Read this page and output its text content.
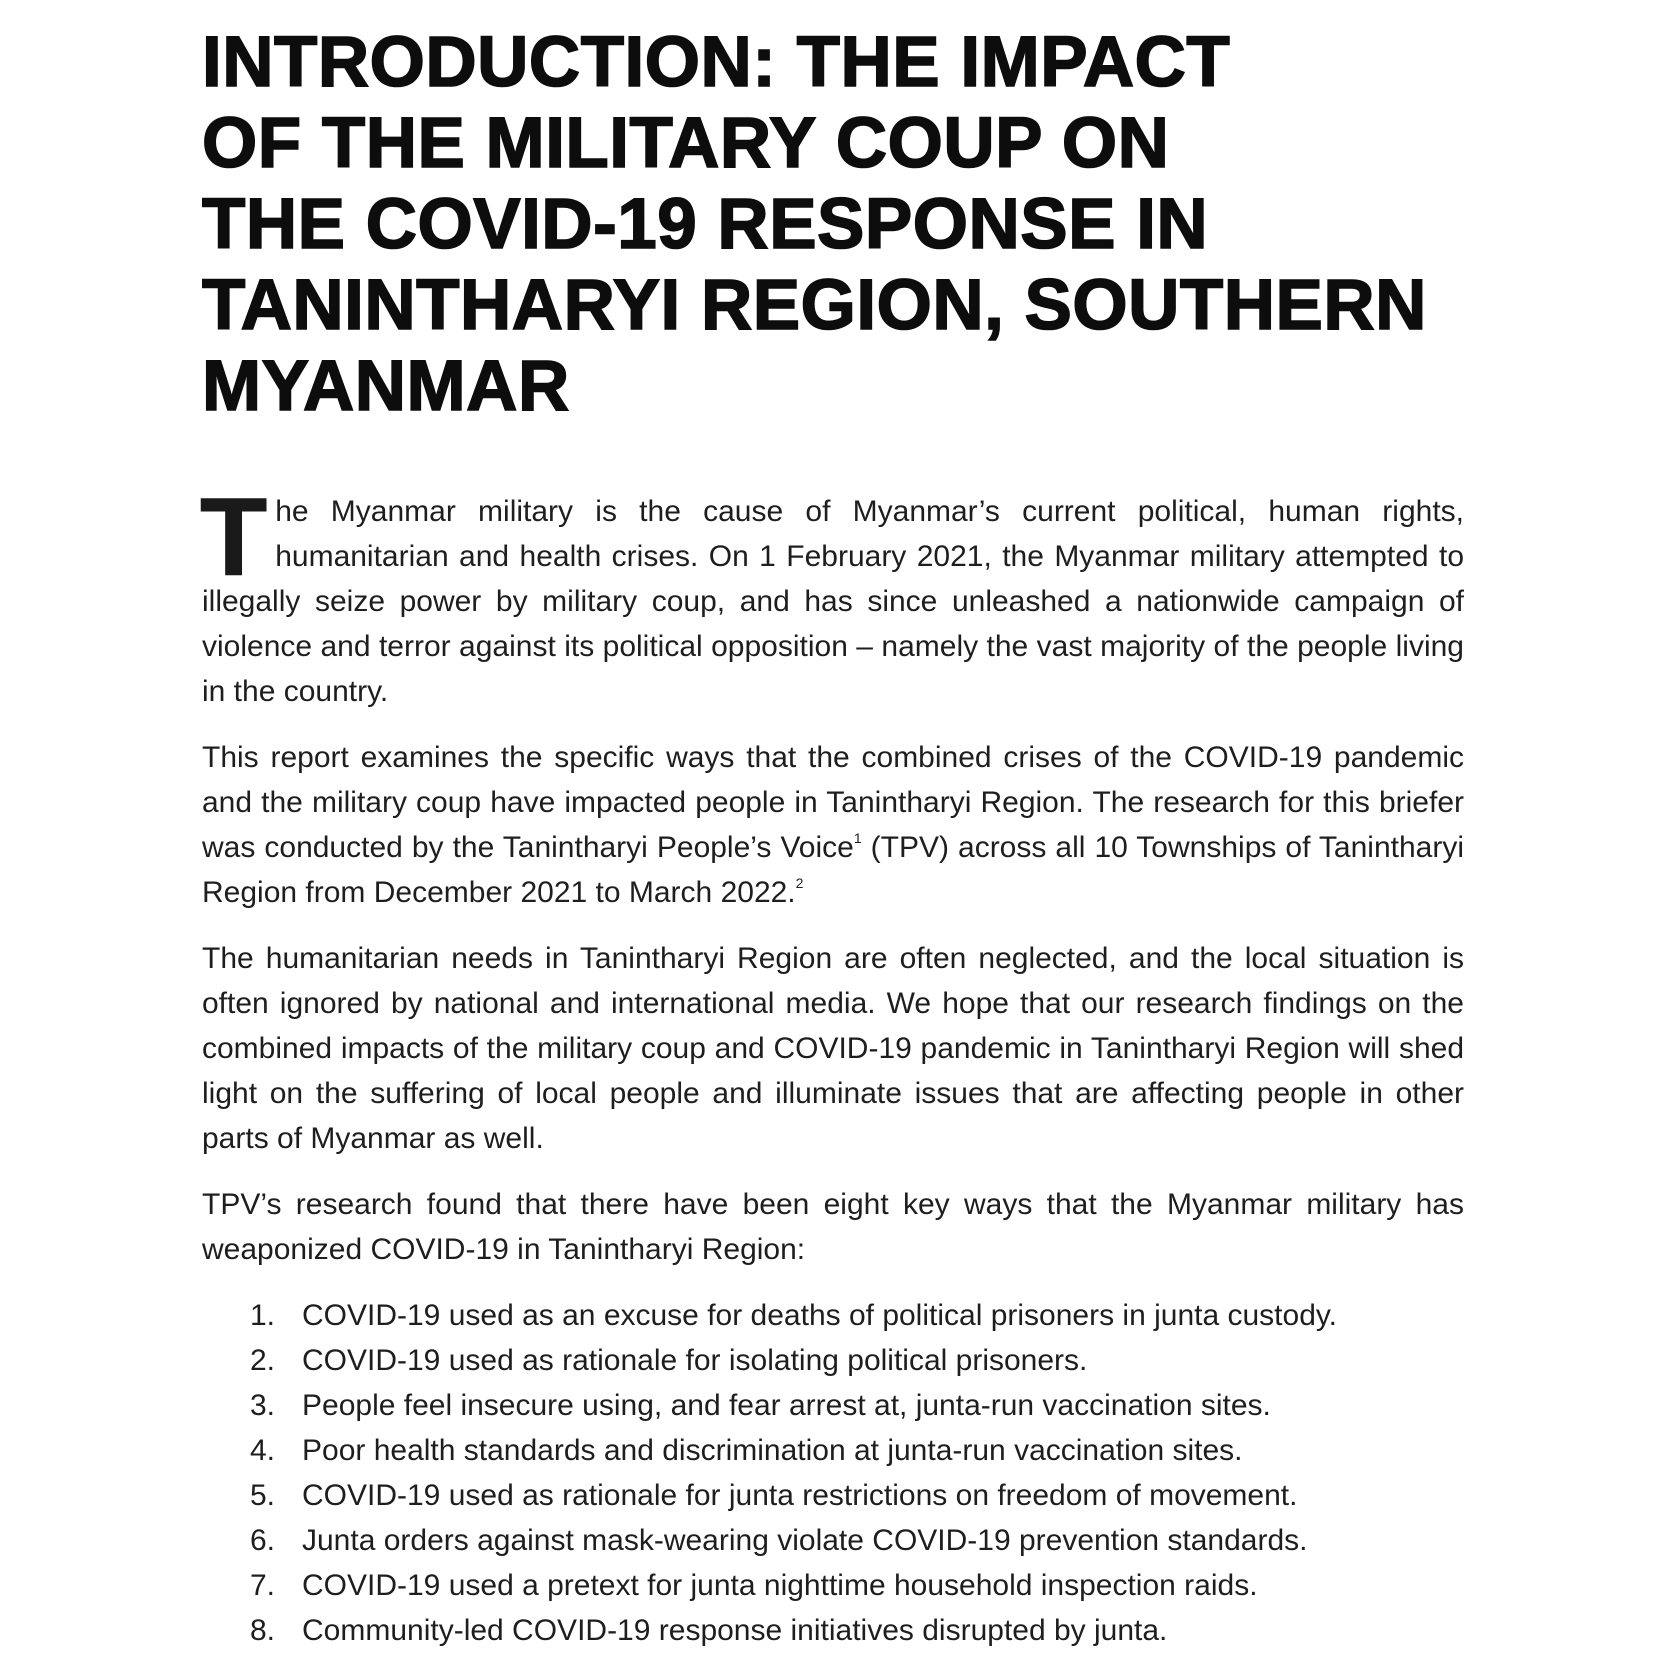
INTRODUCTION: THE IMPACT
OF THE MILITARY COUP ON
THE COVID-19 RESPONSE IN
TANINTHARYI REGION, SOUTHERN
MYANMAR

The Myanmar military is the cause of Myanmar’s current political, human rights, humanitarian and health crises. On 1 February 2021, the Myanmar military attempted to illegally seize power by military coup, and has since unleashed a nationwide campaign of violence and terror against its political opposition – namely the vast majority of the people living in the country.

This report examines the specific ways that the combined crises of the COVID-19 pandemic and the military coup have impacted people in Tanintharyi Region. The research for this briefer was conducted by the Tanintharyi People’s Voice$^1$ (TPV) across all 10 Townships of Tanintharyi Region from December 2021 to March 2022.$^2$

The humanitarian needs in Tanintharyi Region are often neglected, and the local situation is often ignored by national and international media. We hope that our research findings on the combined impacts of the military coup and COVID-19 pandemic in Tanintharyi Region will shed light on the suffering of local people and illuminate issues that are affecting people in other parts of Myanmar as well.

TPV’s research found that there have been eight key ways that the Myanmar military has weaponized COVID-19 in Tanintharyi Region:

1. COVID-19 used as an excuse for deaths of political prisoners in junta custody.
2. COVID-19 used as rationale for isolating political prisoners.
3. People feel insecure using, and fear arrest at, junta-run vaccination sites.
4. Poor health standards and discrimination at junta-run vaccination sites.
5. COVID-19 used as rationale for junta restrictions on freedom of movement.
6. Junta orders against mask-wearing violate COVID-19 prevention standards.
7. COVID-19 used a pretext for junta nighttime household inspection raids.
8. Community-led COVID-19 response initiatives disrupted by junta.
